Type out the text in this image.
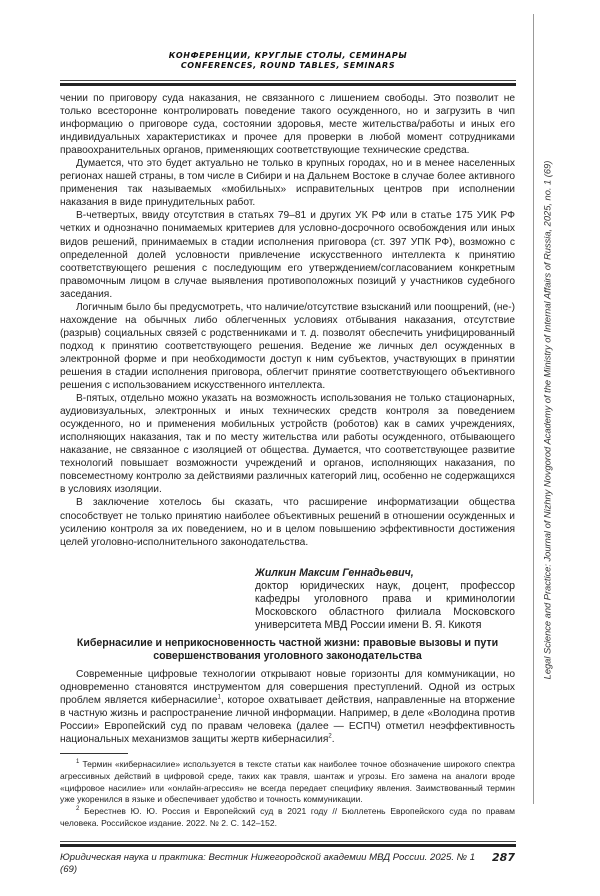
Legal Science and Practice: Journal of Nizhny Novgorod Academy of the Ministry of Internal Affairs of Russia, 2025, no. 1 (69)
КОНФЕРЕНЦИИ, КРУГЛЫЕ СТОЛЫ, СЕМИНАРЫ
CONFERENCES, ROUND TABLES, SEMINARS

чении по приговору суда наказания, не связанного с лишением свободы. Это позволит не только всесторонне контролировать поведение такого осужденного, но и загрузить в чип информацию о приговоре суда, состоянии здоровья, месте жительства/работы и иных его индивидуальных характеристиках и прочее для проверки в любой момент сотрудниками правоохранительных органов, применяющих соответствующие технические средства.

Думается, что это будет актуально не только в крупных городах, но и в менее населенных регионах нашей страны, в том числе в Сибири и на Дальнем Востоке в случае более активного применения так называемых «мобильных» исправительных центров при исполнении наказания в виде принудительных работ.

В-четвертых, ввиду отсутствия в статьях 79–81 и других УК РФ или в статье 175 УИК РФ четких и однозначно понимаемых критериев для условно-досрочного освобождения или иных видов решений, принимаемых в стадии исполнения приговора (ст. 397 УПК РФ), возможно с определенной долей условности привлечение искусственного интеллекта к принятию соответствующего решения с последующим его утверждением/согласованием конкретным правомочным лицом в случае выявления противоположных позиций у участников судебного заседания.

Логичным было бы предусмотреть, что наличие/отсутствие взысканий или поощрений, (не-) нахождение на обычных либо облегченных условиях отбывания наказания, отсутствие (разрыв) социальных связей с родственниками и т. д. позволят обеспечить унифицированный подход к принятию соответствующего решения. Ведение же личных дел осужденных в электронной форме и при необходимости доступ к ним субъектов, участвующих в принятии решения в стадии исполнения приговора, облегчит принятие соответствующего объективного решения с использованием искусственного интеллекта.

В-пятых, отдельно можно указать на возможность использования не только стационарных, аудиовизуальных, электронных и иных технических средств контроля за поведением осужденного, но и применения мобильных устройств (роботов) как в самих учреждениях, исполняющих наказания, так и по месту жительства или работы осужденного, отбывающего наказание, не связанное с изоляцией от общества. Думается, что соответствующее развитие технологий повышает возможности учреждений и органов, исполняющих наказания, по повсеместному контролю за действиями различных категорий лиц, особенно не содержащихся в условиях изоляции.

В заключение хотелось бы сказать, что расширение информатизации общества способствует не только принятию наиболее объективных решений в отношении осужденных и усилению контроля за их поведением, но и в целом повышению эффективности достижения целей уголовно-исполнительного законодательства.

Жилкин Максим Геннадьевич,

доктор юридических наук, доцент, профессор кафедры уголовного права и криминологии Московского областного филиала Московского университета МВД России имени В. Я. Кикотя

Кибернасилие и неприкосновенность частной жизни: правовые вызовы и пути совершенствования уголовного законодательства

Современные цифровые технологии открывают новые горизонты для коммуникации, но одновременно становятся инструментом для совершения преступлений. Одной из острых проблем является кибернасилие1, которое охватывает действия, направленные на вторжение в частную жизнь и распространение личной информации. Например, в деле «Володина против России» Европейский суд по правам человека (далее — ЕСПЧ) отметил неэффективность национальных механизмов защиты жертв кибернасилия2.

1 Термин «кибернасилие» используется в тексте статьи как наиболее точное обозначение широкого спектра агрессивных действий в цифровой среде, таких как травля, шантаж и угрозы. Его замена на аналоги вроде «цифровое насилие» или «онлайн-агрессия» не всегда передает специфику явления. Заимствованный термин уже укоренился в языке и обеспечивает удобство и точность коммуникации.

2 Берестнев Ю. Ю. Россия и Европейский суд в 2021 году // Бюллетень Европейского суда по правам человека. Российское издание. 2022. № 2. С. 142–152.

Юридическая наука и практика: Вестник Нижегородской академии МВД России. 2025. № 1 (69)
287
